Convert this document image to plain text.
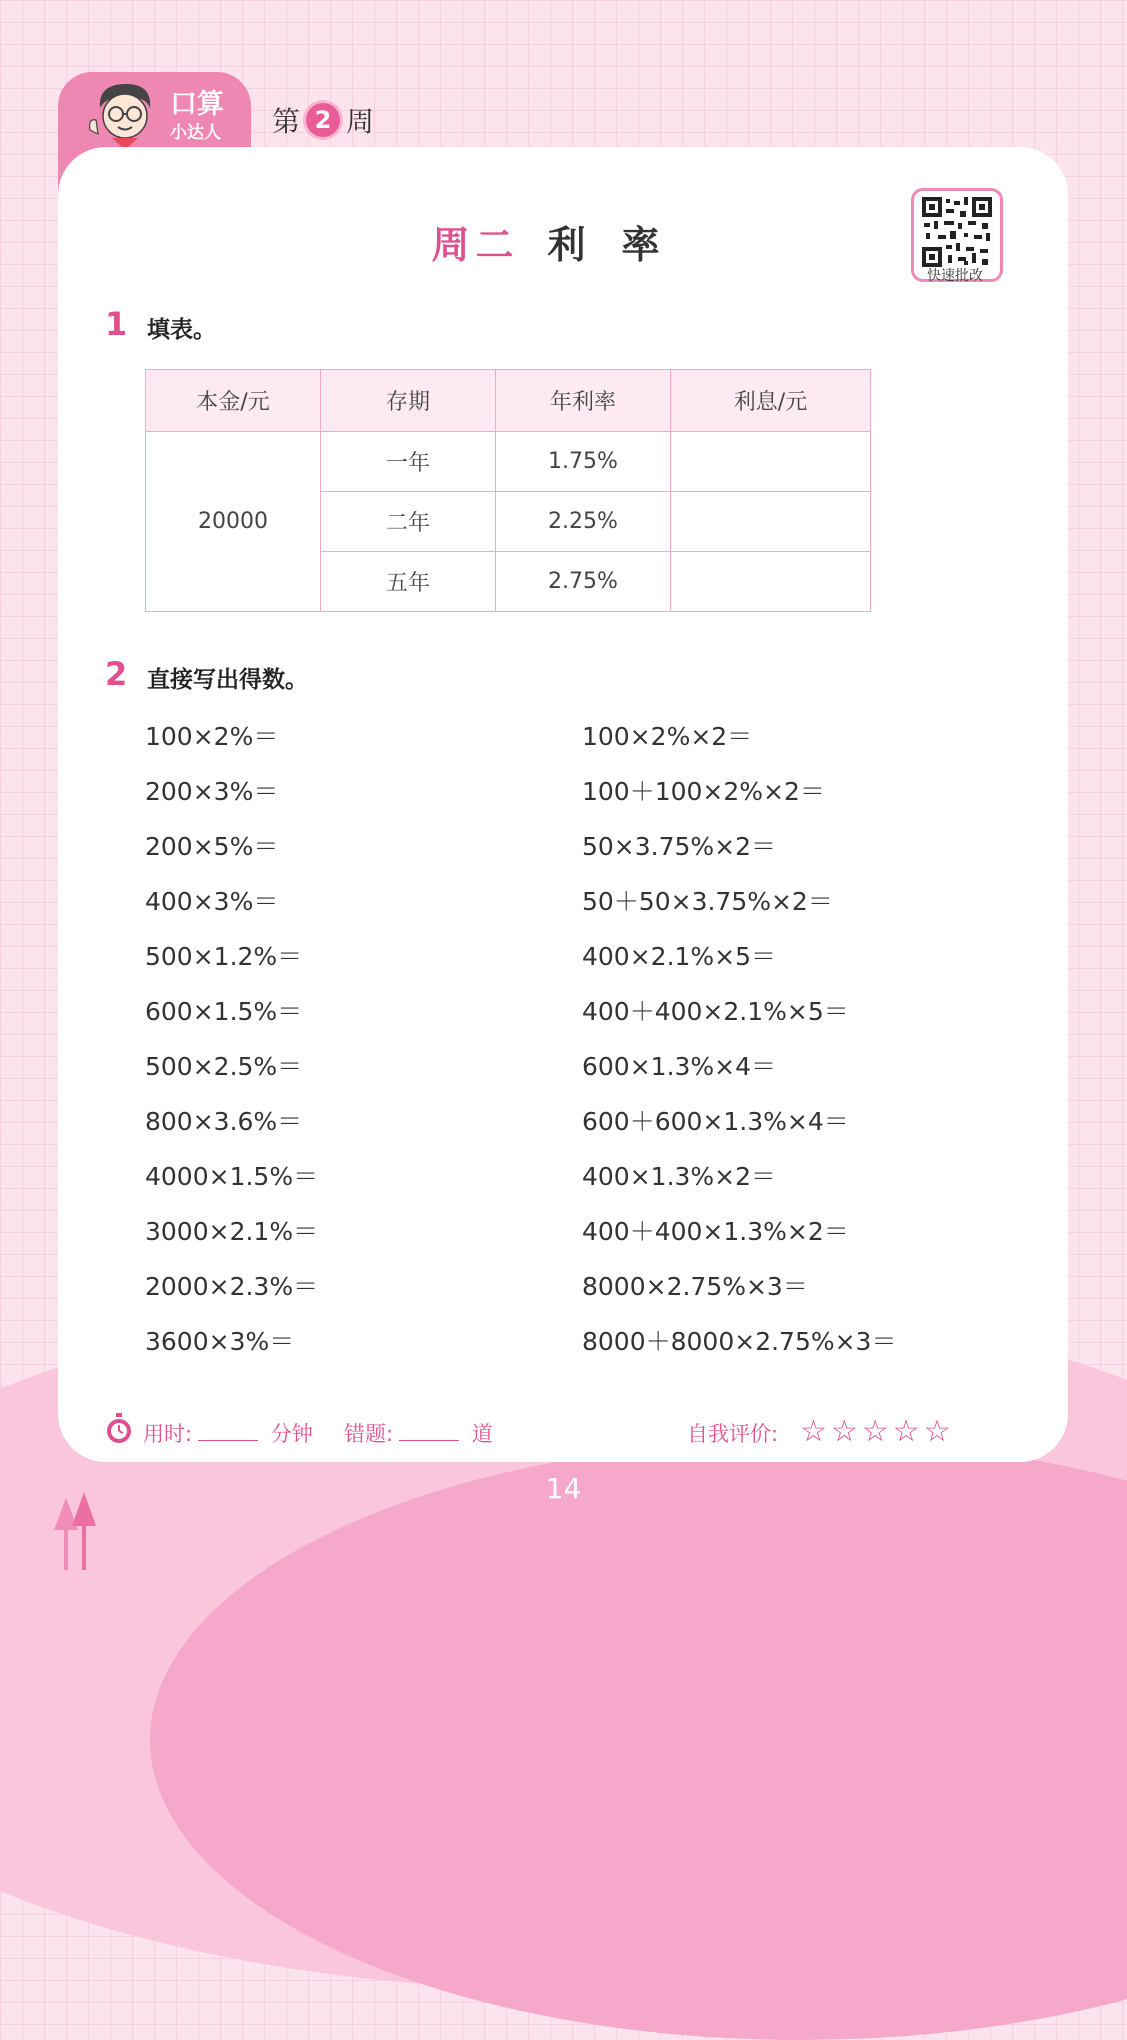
口算
小达人 第 2 周
周二 利率
快速批改
1 填表。
本金/元	存期	年利率	利息/元
20000	一年	1.75%	
	二年	2.25%	
	五年	2.75%	
2 直接写出得数。
100×2%＝
200×3%＝
200×5%＝
400×3%＝
500×1.2%＝
600×1.5%＝
500×2.5%＝
800×3.6%＝
4000×1.5%＝
3000×2.1%＝
2000×2.3%＝
3600×3%＝
100×2%×2＝
100＋100×2%×2＝
50×3.75%×2＝
50＋50×3.75%×2＝
400×2.1%×5＝
400＋400×2.1%×5＝
600×1.3%×4＝
600＋600×1.3%×4＝
400×1.3%×2＝
400＋400×1.3%×2＝
8000×2.75%×3＝
8000＋8000×2.75%×3＝
用时:	分钟 错题:	道	自我评价: ☆☆☆☆☆
14
